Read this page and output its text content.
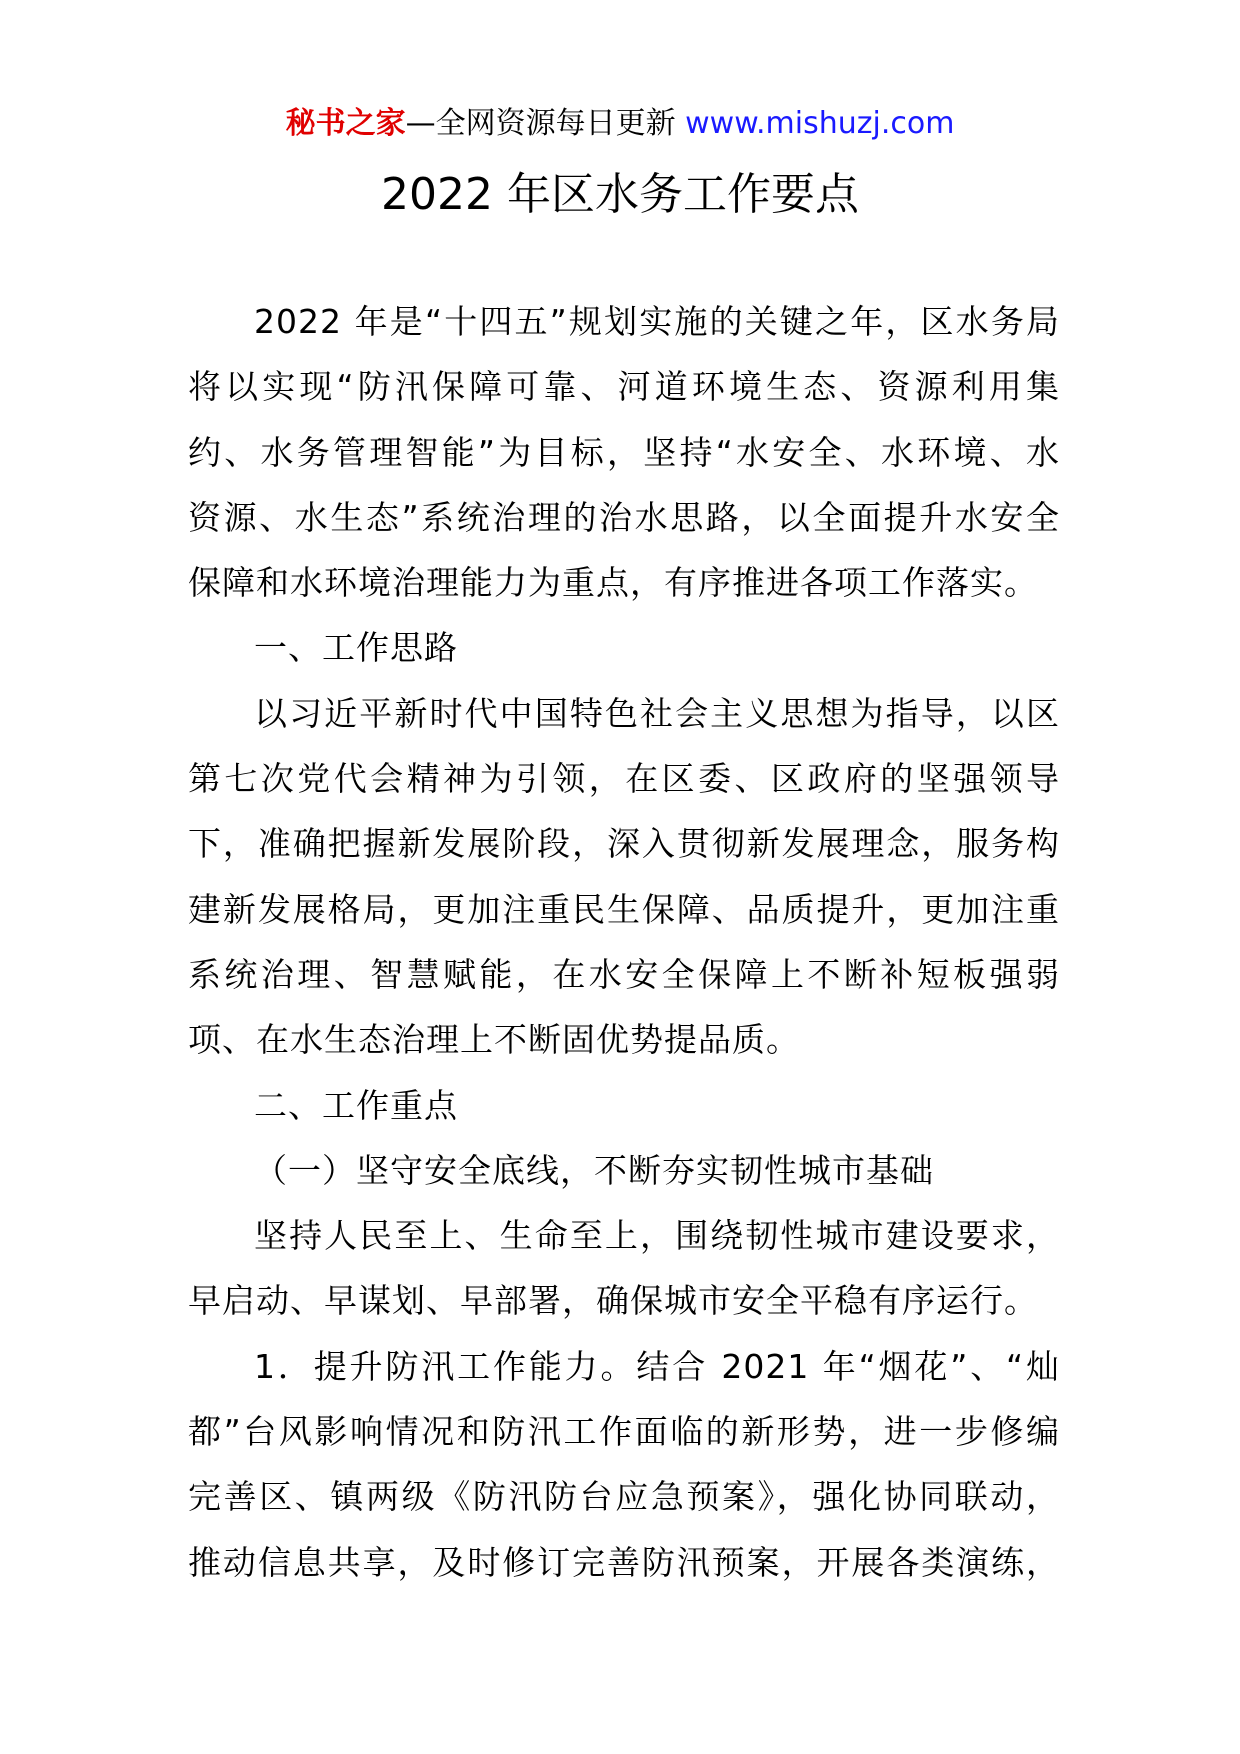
秘书之家—全网资源每日更新 www.mishuzj.com
2022 年区水务工作要点
2022 年是“十四五”规划实施的关键之年，区水务局
将以实现“防汛保障可靠、河道环境生态、资源利用集
约、水务管理智能”为目标，坚持“水安全、水环境、水
资源、水生态”系统治理的治水思路，以全面提升水安全
保障和水环境治理能力为重点，有序推进各项工作落实。
一、工作思路
以习近平新时代中国特色社会主义思想为指导，以区
第七次党代会精神为引领，在区委、区政府的坚强领导
下，准确把握新发展阶段，深入贯彻新发展理念，服务构
建新发展格局，更加注重民生保障、品质提升，更加注重
系统治理、智慧赋能，在水安全保障上不断补短板强弱
项、在水生态治理上不断固优势提品质。
二、工作重点
（一）坚守安全底线，不断夯实韧性城市基础
坚持人民至上、生命至上，围绕韧性城市建设要求，
早启动、早谋划、早部署，确保城市安全平稳有序运行。
1．提升防汛工作能力。结合 2021 年“烟花”、“灿
都”台风影响情况和防汛工作面临的新形势，进一步修编
完善区、镇两级《防汛防台应急预案》，强化协同联动，
推动信息共享，及时修订完善防汛预案，开展各类演练，
